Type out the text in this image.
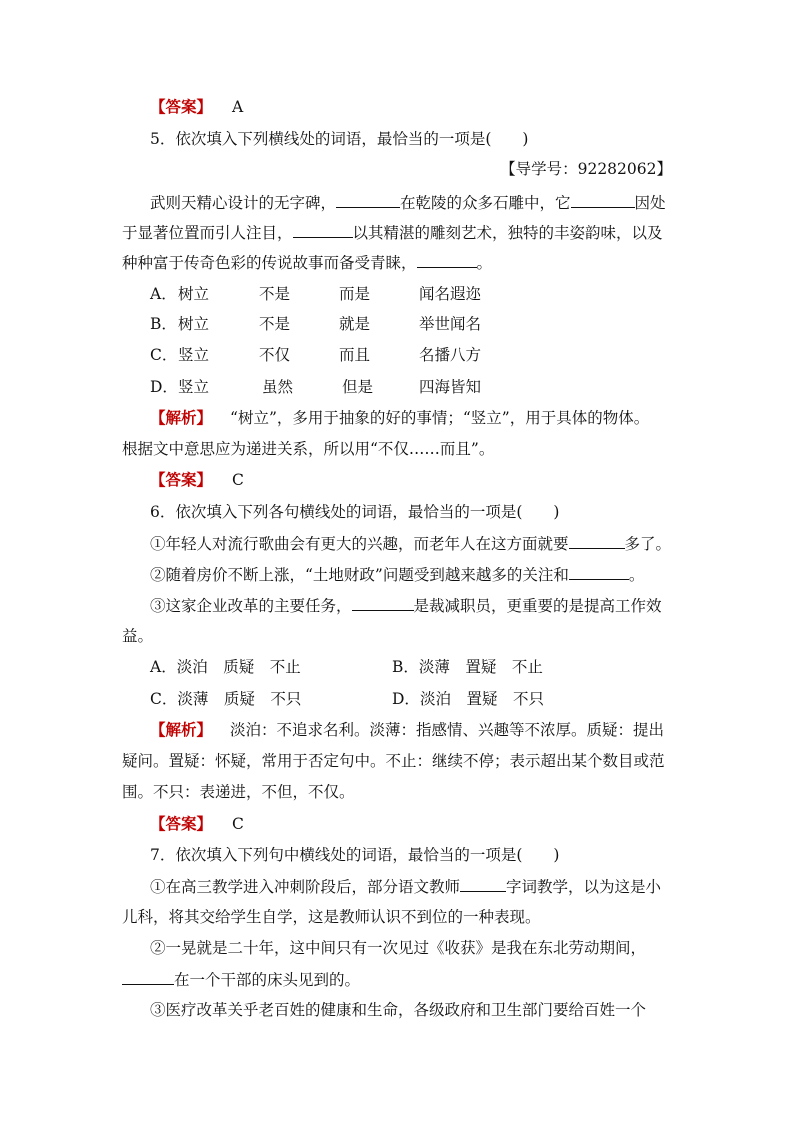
【答案】 A
5．依次填入下列横线处的词语，最恰当的一项是(　　)
【导学号：92282062】
武则天精心设计的无字碑，	在乾陵的众多石雕中，它	因处
于显著位置而引人注目，	以其精湛的雕刻艺术，独特的丰姿韵味，以及
种种富于传奇色彩的传说故事而备受青睐，	。
A． 树立	不是	而是	闻名遐迩
B． 树立	不是	就是	举世闻名
C． 竖立	不仅	而且	名播八方
D． 竖立	虽然	但是	四海皆知
【解析】 “树立”，多用于抽象的好的事情；“竖立”，用于具体的物体。
根据文中意思应为递进关系，所以用“不仅……而且”。
【答案】 C
6．依次填入下列各句横线处的词语，最恰当的一项是(　　)
①年轻人对流行歌曲会有更大的兴趣，而老年人在这方面就要	多了。
②随着房价不断上涨，“土地财政”问题受到越来越多的关注和	。
③这家企业改革的主要任务，	是裁减职员，更重要的是提高工作效
益。
A．淡泊　质疑　不止	B．淡薄　置疑　不止
C．淡薄　质疑　不只	D．淡泊　置疑　不只
【解析】 淡泊：不追求名利。淡薄：指感情、兴趣等不浓厚。质疑：提出
疑问。置疑：怀疑，常用于否定句中。不止：继续不停；表示超出某个数目或范
围。不只：表递进，不但，不仅。
【答案】 C
7．依次填入下列句中横线处的词语，最恰当的一项是(　　)
①在高三教学进入冲刺阶段后，部分语文教师	字词教学，以为这是小
儿科，将其交给学生自学，这是教师认识不到位的一种表现。
②一晃就是二十年，这中间只有一次见过《收获》是我在东北劳动期间，
在一个干部的床头见到的。
③医疗改革关乎老百姓的健康和生命，各级政府和卫生部门要给百姓一个
